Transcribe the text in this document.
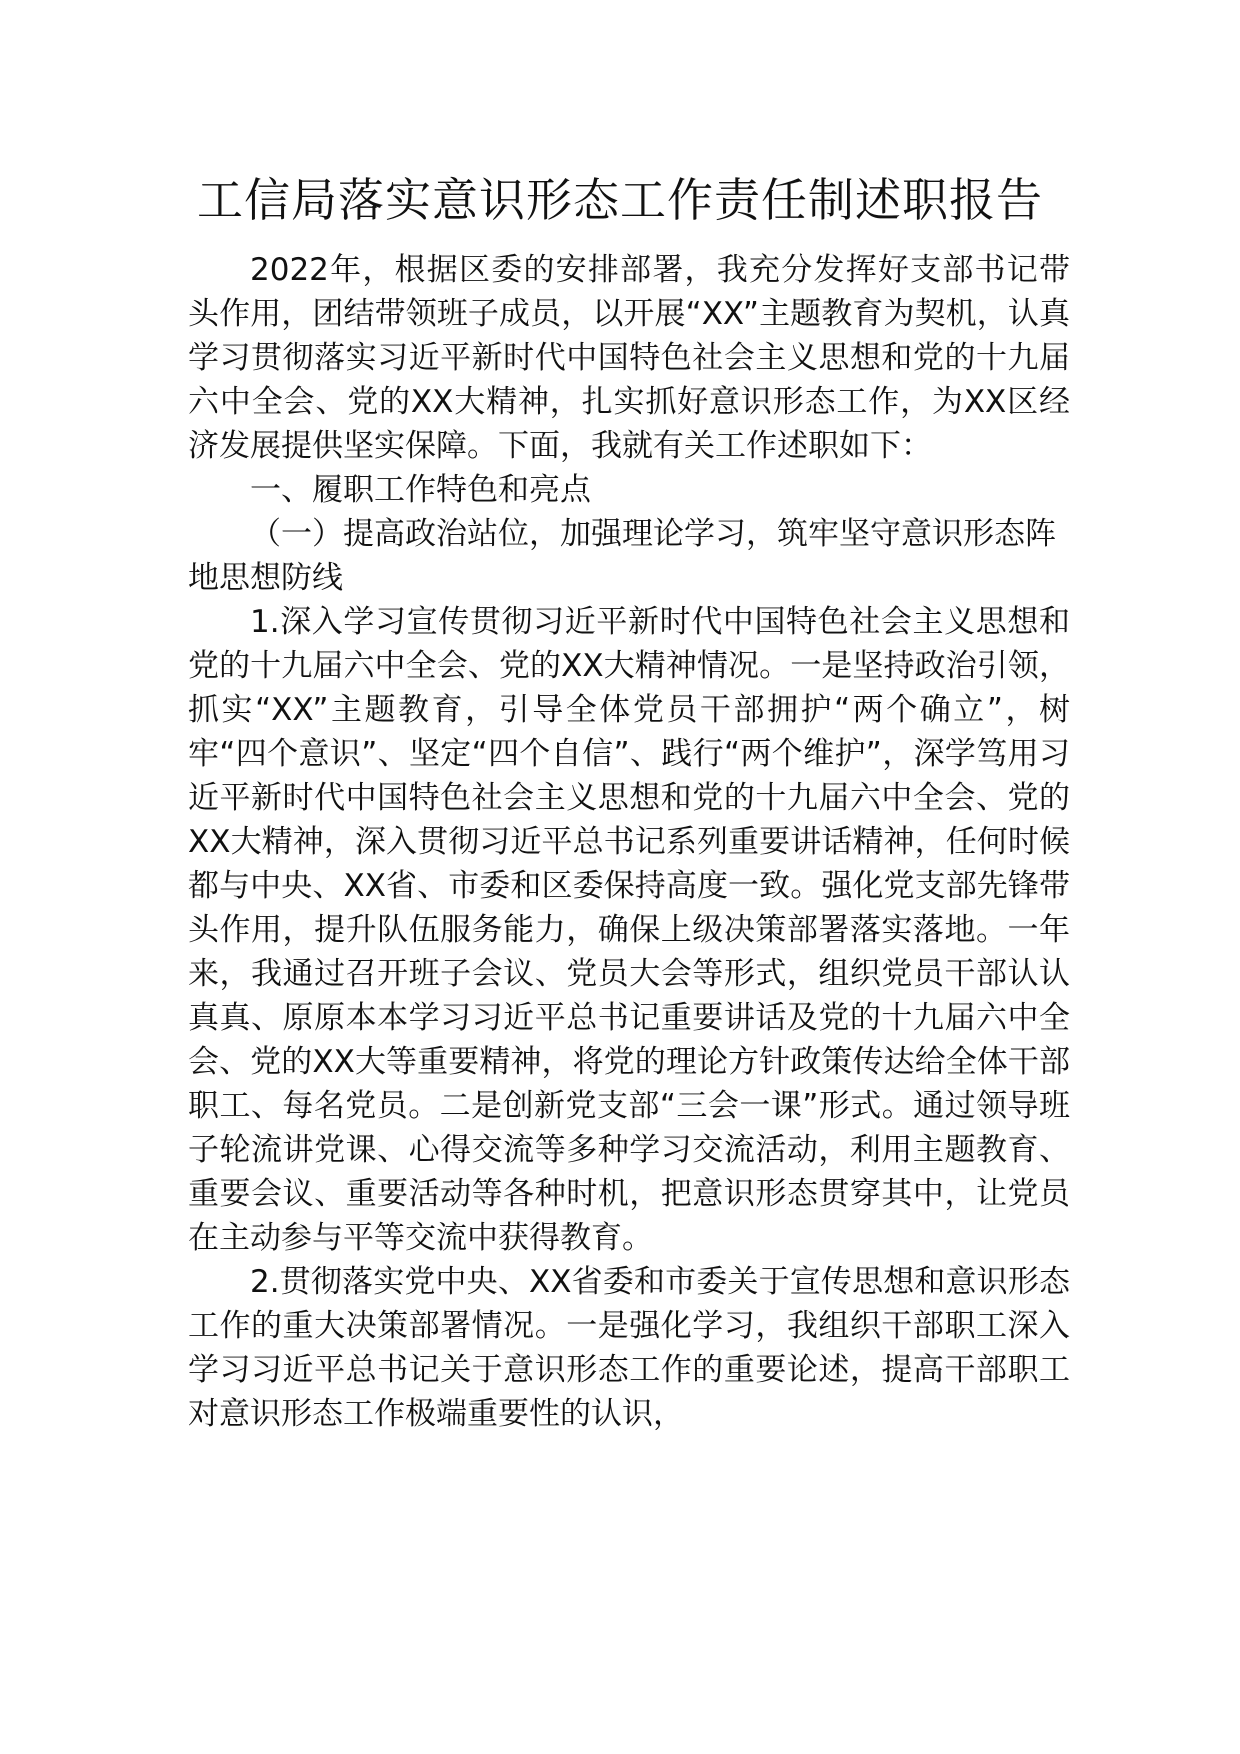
工信局落实意识形态工作责任制述职报告

2022年，根据区委的安排部署，我充分发挥好支部书记带头作用，团结带领班子成员，以开展“XX”主题教育为契机，认真学习贯彻落实习近平新时代中国特色社会主义思想和党的十九届六中全会、党的XX大精神，扎实抓好意识形态工作，为XX区经济发展提供坚实保障。下面，我就有关工作述职如下：

一、履职工作特色和亮点

（一）提高政治站位，加强理论学习，筑牢坚守意识形态阵地思想防线

1.深入学习宣传贯彻习近平新时代中国特色社会主义思想和党的十九届六中全会、党的XX大精神情况。一是坚持政治引领，抓实“XX”主题教育，引导全体党员干部拥护“两个确立”，树牢“四个意识”、坚定“四个自信”、践行“两个维护”，深学笃用习近平新时代中国特色社会主义思想和党的十九届六中全会、党的XX大精神，深入贯彻习近平总书记系列重要讲话精神，任何时候都与中央、XX省、市委和区委保持高度一致。强化党支部先锋带头作用，提升队伍服务能力，确保上级决策部署落实落地。一年来，我通过召开班子会议、党员大会等形式，组织党员干部认认真真、原原本本学习习近平总书记重要讲话及党的十九届六中全会、党的XX大等重要精神，将党的理论方针政策传达给全体干部职工、每名党员。二是创新党支部“三会一课”形式。通过领导班子轮流讲党课、心得交流等多种学习交流活动，利用主题教育、重要会议、重要活动等各种时机，把意识形态贯穿其中，让党员在主动参与平等交流中获得教育。

2.贯彻落实党中央、XX省委和市委关于宣传思想和意识形态工作的重大决策部署情况。一是强化学习，我组织干部职工深入学习习近平总书记关于意识形态工作的重要论述，提高干部职工对意识形态工作极端重要性的认识，
